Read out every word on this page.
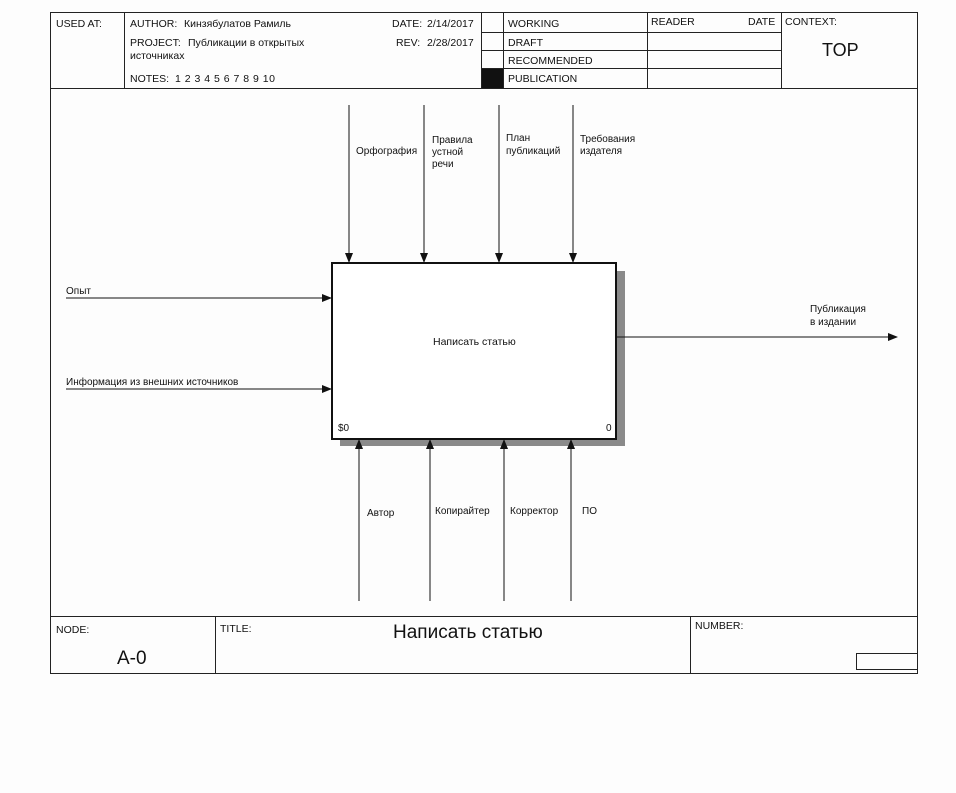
USED AT:	AUTHOR: Кинзябулатов Рамиль
PROJECT: Публикации в открытых
источниках
NOTES: 1 2 3 4 5 6 7 8 9 10
DATE: 2/14/2017
REV: 2/28/2017
WORKING
DRAFT
RECOMMENDED
PUBLICATION
READER	DATE CONTEXT:
TOP
Написать статью
$0	0
Орфография
Правила
устной
речи
План
публикаций
Требования
издателя
Опыт
Информация из внешних источников
Публикация
в издании
Автор	Копирайтер Корректор ПО
NODE:
A-0
TITLE:	Написать статью	NUMBER:
